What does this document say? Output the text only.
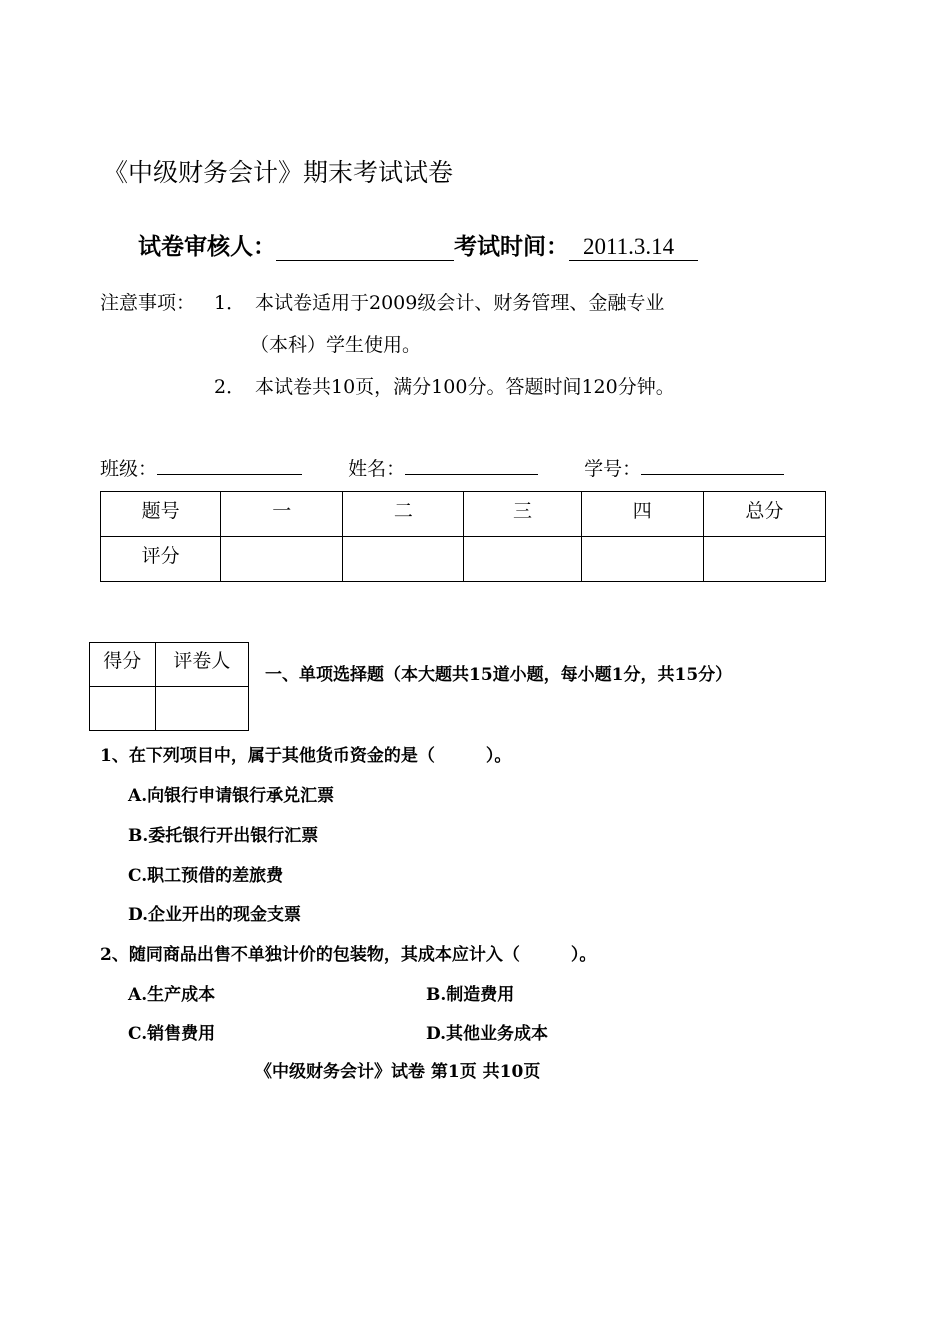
《中级财务会计》期末考试试卷
试卷审核人：	考试时间： 2011.3.14
注意事项： 1． 本试卷适用于2009级会计、财务管理、金融专业
（本科）学生使用。
2． 本试卷共10页，满分100分。答题时间120分钟。
班级：	姓名：	学号：
题号	一	二	三	四	总分
评分					
得分	评卷人

一、单项选择题（本大题共15道小题，每小题1分，共15分）
1、在下列项目中，属于其他货币资金的是（　　　）。
A.向银行申请银行承兑汇票
B.委托银行开出银行汇票
C.职工预借的差旅费
D.企业开出的现金支票
2、随同商品出售不单独计价的包装物，其成本应计入（　　　）。
A.生产成本	B.制造费用
C.销售费用	D.其他业务成本
《中级财务会计》试卷 第1页 共10页
